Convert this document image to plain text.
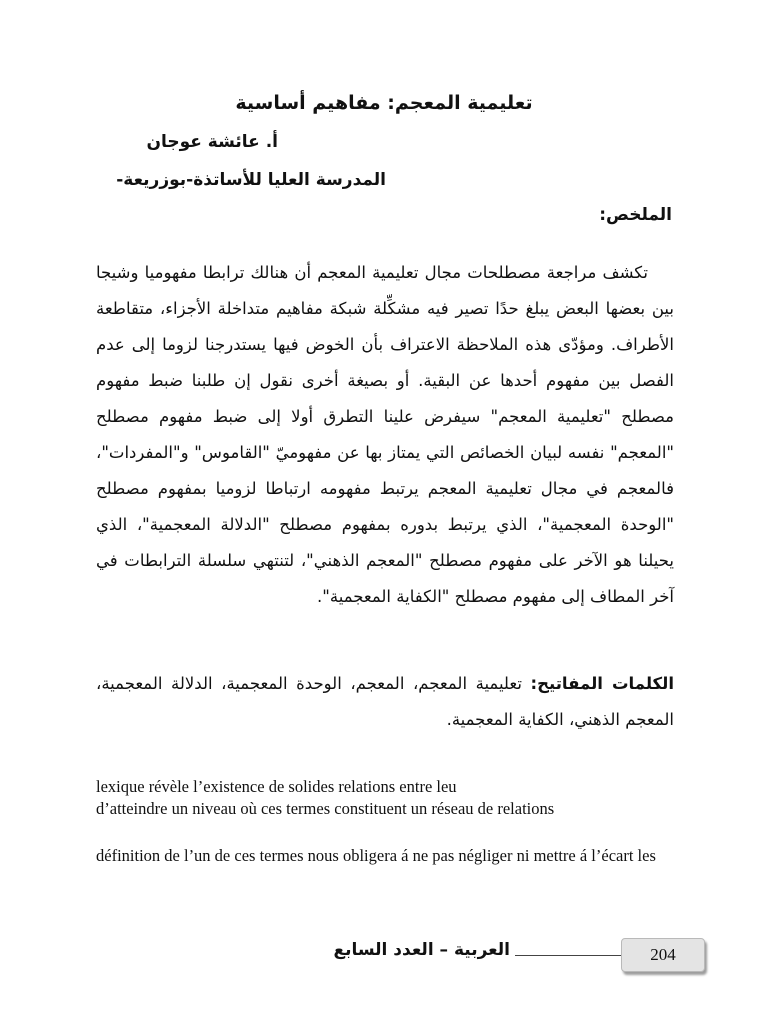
تعليمية المعجم: مفاهيم أساسية
أ. عائشة عوجان
المدرسة العليا للأساتذة-بوزريعة-
الملخص:

تكشف مراجعة مصطلحات مجال تعليمية المعجم أن هنالك ترابطا مفهوميا وشيجا بين بعضها البعض يبلغ حدًا تصير فيه مشكِّلة شبكة مفاهيم متداخلة الأجزاء، متقاطعة الأطراف. ومؤدّى هذه الملاحظة الاعتراف بأن الخوض فيها يستدرجنا لزوما إلى عدم الفصل بين مفهوم أحدها عن البقية. أو بصيغة أخرى نقول إن طلبنا ضبط مفهوم مصطلح "تعليمية المعجم" سيفرض علينا التطرق أولا إلى ضبط مفهوم مصطلح "المعجم" نفسه لبيان الخصائص التي يمتاز بها عن مفهوميّ "القاموس" و"المفردات"، فالمعجم في مجال تعليمية المعجم يرتبط مفهومه ارتباطا لزوميا بمفهوم مصطلح "الوحدة المعجمية"، الذي يرتبط بدوره بمفهوم مصطلح "الدلالة المعجمية"، الذي يحيلنا هو الآخر على مفهوم مصطلح "المعجم الذهني"، لتنتهي سلسلة الترابطات في آخر المطاف إلى مفهوم مصطلح "الكفاية المعجمية".

الكلمات المفاتيح: تعليمية المعجم، المعجم، الوحدة المعجمية، الدلالة المعجمية، المعجم الذهني، الكفاية المعجمية.

lexique révèle l’existence de solides relations entre leu
d’atteindre un niveau où ces termes constituent un réseau de relations

définition de l’un de ces termes nous obligera á ne pas négliger ni mettre á l’écart les

العربية – العدد السابع	204
